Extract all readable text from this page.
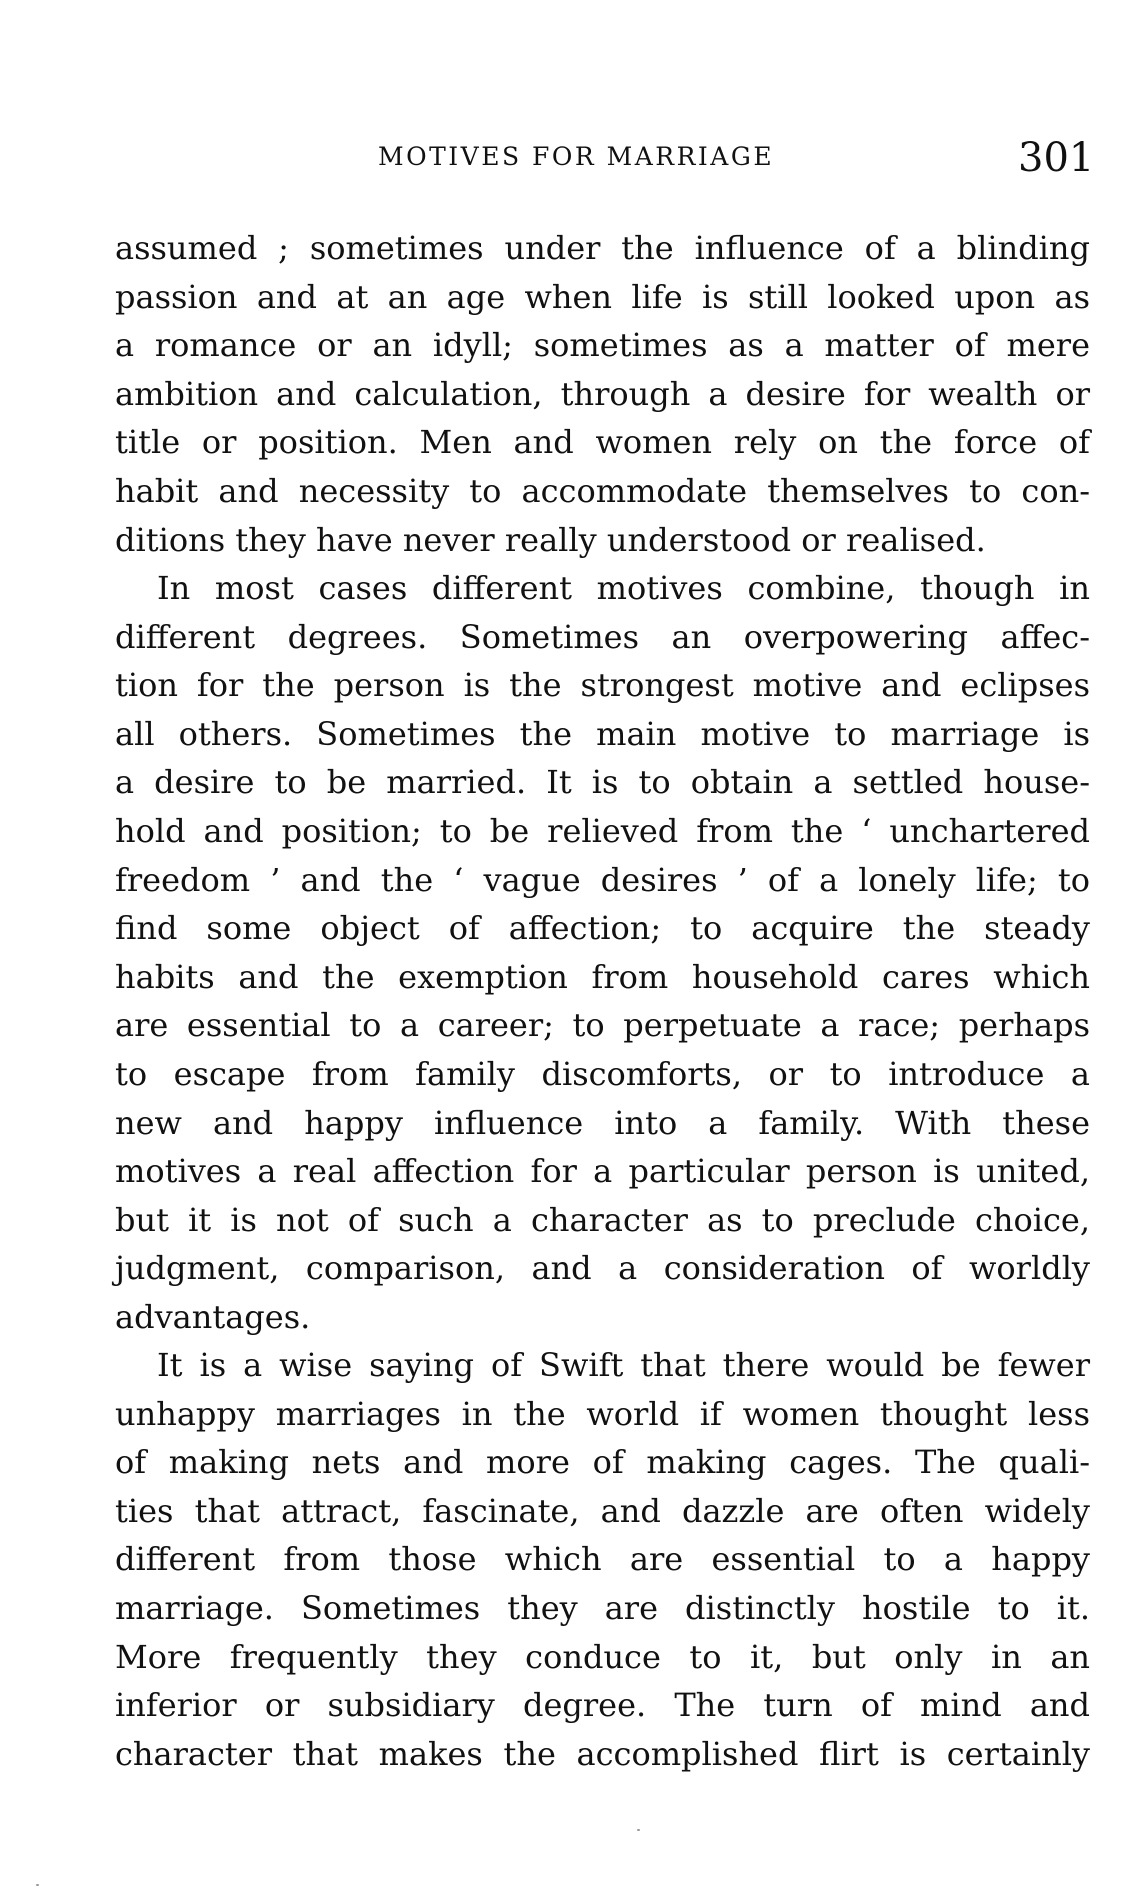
MOTIVES FOR MARRIAGE	301
assumed ; sometimes under the influence of a blinding
passion and at an age when life is still looked upon as
a romance or an idyll; sometimes as a matter of mere
ambition and calculation, through a desire for wealth or
title or position. Men and women rely on the force of
habit and necessity to accommodate themselves to con-
ditions they have never really understood or realised.
In most cases different motives combine, though in
different degrees. Sometimes an overpowering affec-
tion for the person is the strongest motive and eclipses
all others. Sometimes the main motive to marriage is
a desire to be married. It is to obtain a settled house-
hold and position; to be relieved from the ‘ unchartered
freedom ’ and the ‘ vague desires ’ of a lonely life; to
find some object of affection; to acquire the steady
habits and the exemption from household cares which
are essential to a career; to perpetuate a race; perhaps
to escape from family discomforts, or to introduce a
new and happy influence into a family. With these
motives a real affection for a particular person is united,
but it is not of such a character as to preclude choice,
judgment, comparison, and a consideration of worldly
advantages.
It is a wise saying of Swift that there would be fewer
unhappy marriages in the world if women thought less
of making nets and more of making cages. The quali-
ties that attract, fascinate, and dazzle are often widely
different from those which are essential to a happy
marriage. Sometimes they are distinctly hostile to it.
More frequently they conduce to it, but only in an
inferior or subsidiary degree. The turn of mind and
character that makes the accomplished flirt is certainly
